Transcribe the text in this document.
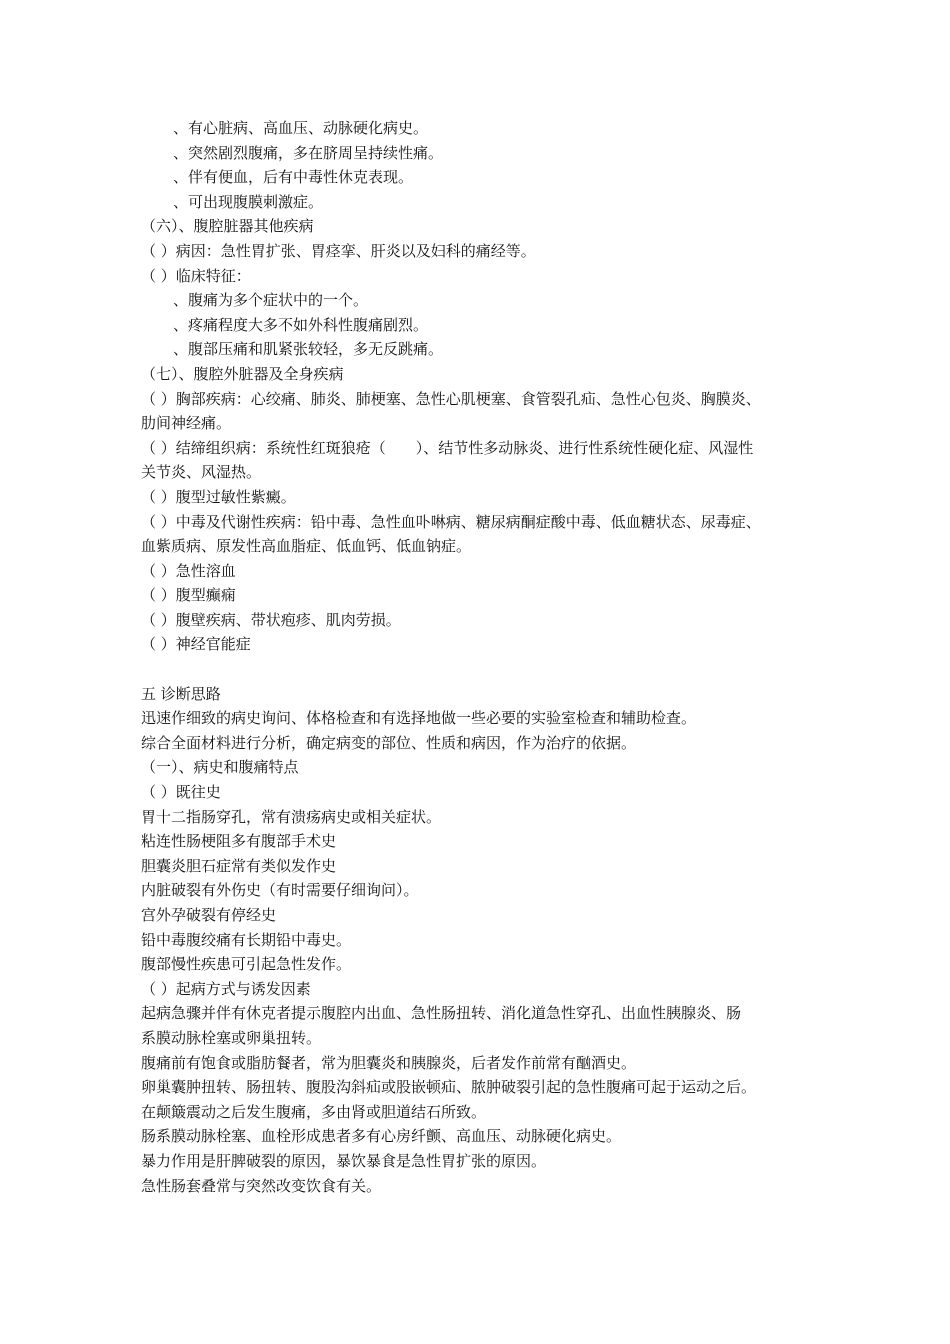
、有心脏病、高血压、动脉硬化病史。
、突然剧烈腹痛，多在脐周呈持续性痛。
、伴有便血，后有中毒性休克表现。
、可出现腹膜刺激症。
（六）、腹腔脏器其他疾病
（ ）病因：急性胃扩张、胃痉挛、肝炎以及妇科的痛经等。
（ ）临床特征：
、腹痛为多个症状中的一个。
、疼痛程度大多不如外科性腹痛剧烈。
、腹部压痛和肌紧张较轻，多无反跳痛。
（七）、腹腔外脏器及全身疾病
（ ）胸部疾病：心绞痛、肺炎、肺梗塞、急性心肌梗塞、食管裂孔疝、急性心包炎、胸膜炎、
肋间神经痛。
（ ）结缔组织病：系统性红斑狼疮（　　）、结节性多动脉炎、进行性系统性硬化症、风湿性
关节炎、风湿热。
（ ）腹型过敏性紫癜。
（ ）中毒及代谢性疾病：铅中毒、急性血卟啉病、糖尿病酮症酸中毒、低血糖状态、尿毒症、
血紫质病、原发性高血脂症、低血钙、低血钠症。
（ ）急性溶血
（ ）腹型癫痫
（ ）腹壁疾病、带状疱疹、肌肉劳损。
（ ）神经官能症
五 诊断思路
迅速作细致的病史询问、体格检查和有选择地做一些必要的实验室检查和辅助检查。
综合全面材料进行分析，确定病变的部位、性质和病因，作为治疗的依据。
（一）、病史和腹痛特点
（ ）既往史
胃十二指肠穿孔，常有溃疡病史或相关症状。
粘连性肠梗阻多有腹部手术史
胆囊炎胆石症常有类似发作史
内脏破裂有外伤史（有时需要仔细询问）。
宫外孕破裂有停经史
铅中毒腹绞痛有长期铅中毒史。
腹部慢性疾患可引起急性发作。
（ ）起病方式与诱发因素
起病急骤并伴有休克者提示腹腔内出血、急性肠扭转、消化道急性穿孔、出血性胰腺炎、肠
系膜动脉栓塞或卵巢扭转。
腹痛前有饱食或脂肪餐者，常为胆囊炎和胰腺炎，后者发作前常有酗酒史。
卵巢囊肿扭转、肠扭转、腹股沟斜疝或股嵌顿疝、脓肿破裂引起的急性腹痛可起于运动之后。
在颠簸震动之后发生腹痛，多由肾或胆道结石所致。
肠系膜动脉栓塞、血栓形成患者多有心房纤颤、高血压、动脉硬化病史。
暴力作用是肝脾破裂的原因，暴饮暴食是急性胃扩张的原因。
急性肠套叠常与突然改变饮食有关。
